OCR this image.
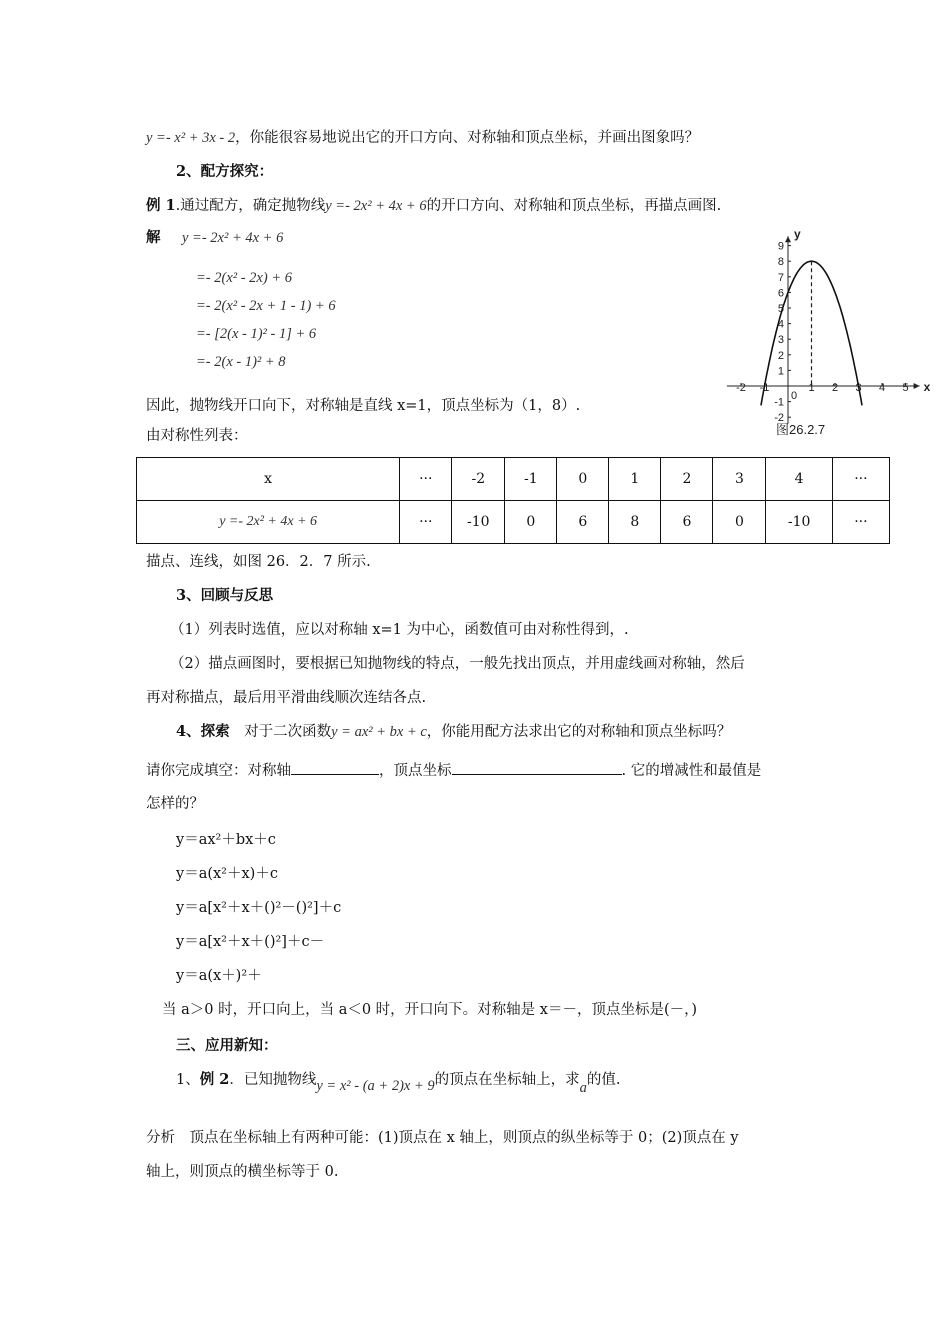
y =- x² + 3x - 2，你能很容易地说出它的开口方向、对称轴和顶点坐标，并画出图象吗？
2、配方探究：
例 1.通过配方，确定抛物线y =- 2x² + 4x + 6的开口方向、对称轴和顶点坐标，再描点画图.
解 y =- 2x² + 4x + 6
=- 2(x² - 2x) + 6
=- 2(x² - 2x + 1 - 1) + 6
=- [2(x - 1)² - 1] + 6
=- 2(x - 1)² + 8
x
y
-2 -1	1 2 3 4 5
9
8
7
6
5
4
3
2
1
-1
-2
0
图26.2.7
因此，抛物线开口向下，对称轴是直线 x=1，顶点坐标为（1，8）.
由对称性列表：
x	···	-2	-1	0	1	2	3	4	···
y =- 2x² + 4x + 6	···	-10	0	6	8	6	0	-10	···
描点、连线，如图 26．2．7 所示.
3、回顾与反思
（1）列表时选值，应以对称轴 x=1 为中心，函数值可由对称性得到，.
（2）描点画图时，要根据已知抛物线的特点，一般先找出顶点，并用虚线画对称轴，然后
再对称描点，最后用平滑曲线顺次连结各点.
4、探索　 对于二次函数y = ax² + bx + c，你能用配方法求出它的对称轴和顶点坐标吗？
请你完成填空：对称轴	，顶点坐标	. 它的增减性和最值是
怎样的？
y＝ax²＋bx＋c
y＝a(x²＋x)＋c
y＝a[x²＋x＋()²－()²]＋c
y＝a[x²＋x＋()²]＋c－
y＝a(x＋)²＋
当 a＞0 时，开口向上，当 a＜0 时，开口向下。对称轴是 x＝－，顶点坐标是(－，)
三、应用新知：
1、例 2．已知抛物线y = x² - (a + 2)x + 9的顶点在坐标轴上，求a的值.
分析　顶点在坐标轴上有两种可能：(1)顶点在 x 轴上，则顶点的纵坐标等于 0；(2)顶点在 y
轴上，则顶点的横坐标等于 0.
